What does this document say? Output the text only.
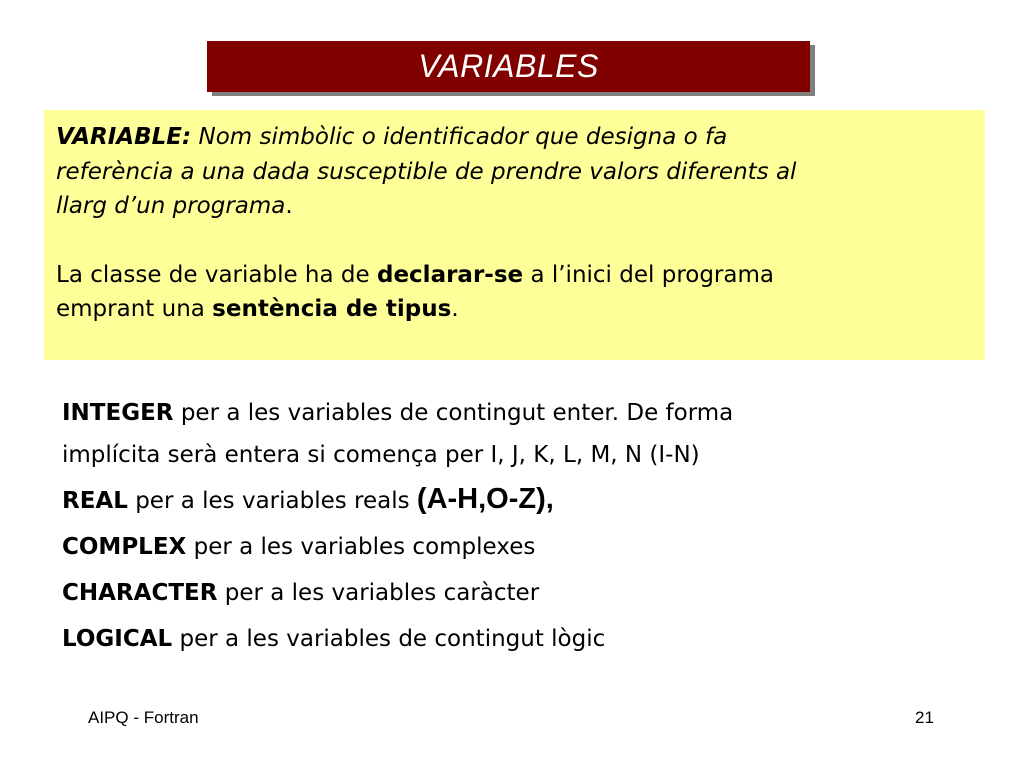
VARIABLES

VARIABLE: Nom simbòlic o identificador que designa o fa
referència a una dada susceptible de prendre valors diferents al
llarg d’un programa.

La classe de variable ha de declarar-se a l’inici del programa
emprant una sentència de tipus.

INTEGER per a les variables de contingut enter. De forma
implícita serà entera si comença per I, J, K, L, M, N (I-N)
REAL per a les variables reals (A-H,O-Z),
COMPLEX per a les variables complexes
CHARACTER per a les variables caràcter
LOGICAL per a les variables de contingut lògic
AIPQ - Fortran	21
